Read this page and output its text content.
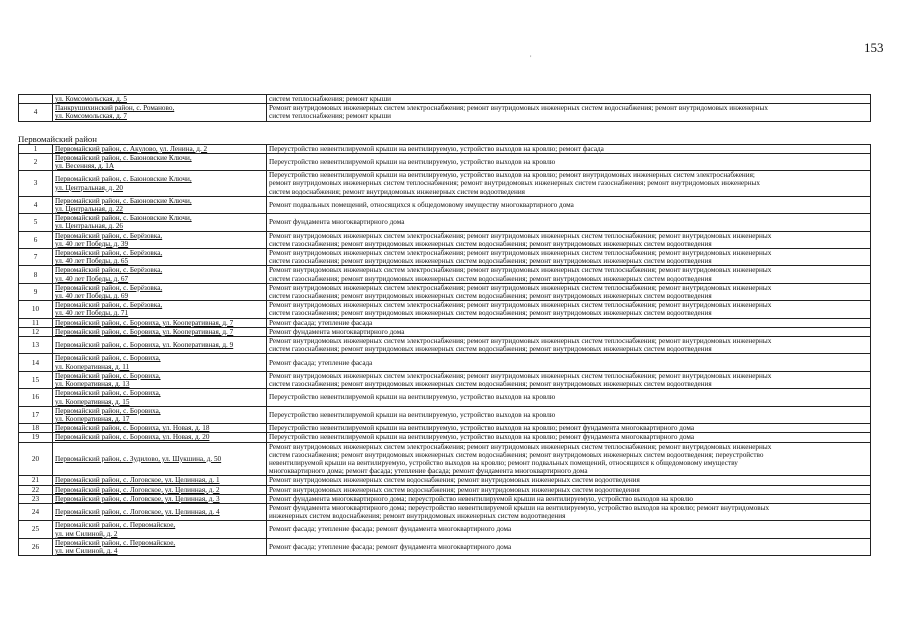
153
,
	ул. Комсомольская, д. 5	систем теплоснабжения; ремонт крыши
4	Панкрушихинский район, с. Романово,
ул. Комсомольская, д. 7	Ремонт внутридомовых инженерных систем электроснабжения; ремонт внутридомовых инженерных систем водоснабжения; ремонт внутридомовых инженерных
систем теплоснабжения; ремонт крыши
Первомайский район
1	Первомайский район, с. Акулово, ул. Ленина, д. 2	Переустройство невентилируемой крыши на вентилируемую, устройство выходов на кровлю; ремонт фасада
2	Первомайский район, с. Баюновские Ключи,
ул. Весенняя, д. 1А	Переустройство невентилируемой крыши на вентилируемую, устройство выходов на кровлю
3	Первомайский район, с. Баюновские Ключи,
ул. Центральная, д. 20	Переустройство невентилируемой крыши на вентилируемую, устройство выходов на кровлю; ремонт внутридомовых инженерных систем электроснабжения;
ремонт внутридомовых инженерных систем теплоснабжения; ремонт внутридомовых инженерных систем газоснабжения; ремонт внутридомовых инженерных
систем водоснабжения; ремонт внутридомовых инженерных систем водоотведения
4	Первомайский район, с. Баюновские Ключи,
ул. Центральная, д. 22	Ремонт подвальных помещений, относящихся к общедомовому имуществу многоквартирного дома
5	Первомайский район, с. Баюновские Ключи,
ул. Центральная, д. 26	Ремонт фундамента многоквартирного дома
6	Первомайский район, с. Берёзовка,
ул. 40 лет Победы, д. 39	Ремонт внутридомовых инженерных систем электроснабжения; ремонт внутридомовых инженерных систем теплоснабжения; ремонт внутридомовых инженерных
систем газоснабжения; ремонт внутридомовых инженерных систем водоснабжения; ремонт внутридомовых инженерных систем водоотведения
7	Первомайский район, с. Берёзовка,
ул. 40 лет Победы, д. 65	Ремонт внутридомовых инженерных систем электроснабжения; ремонт внутридомовых инженерных систем теплоснабжения; ремонт внутридомовых инженерных
систем газоснабжения; ремонт внутридомовых инженерных систем водоснабжения; ремонт внутридомовых инженерных систем водоотведения
8	Первомайский район, с. Берёзовка,
ул. 40 лет Победы, д. 67	Ремонт внутридомовых инженерных систем электроснабжения; ремонт внутридомовых инженерных систем теплоснабжения; ремонт внутридомовых инженерных
систем газоснабжения; ремонт внутридомовых инженерных систем водоснабжения; ремонт внутридомовых инженерных систем водоотведения
9	Первомайский район, с. Берёзовка,
ул. 40 лет Победы, д. 69	Ремонт внутридомовых инженерных систем электроснабжения; ремонт внутридомовых инженерных систем теплоснабжения; ремонт внутридомовых инженерных
систем газоснабжения; ремонт внутридомовых инженерных систем водоснабжения; ремонт внутридомовых инженерных систем водоотведения
10	Первомайский район, с. Берёзовка,
ул. 40 лет Победы, д. 71	Ремонт внутридомовых инженерных систем электроснабжения; ремонт внутридомовых инженерных систем теплоснабжения; ремонт внутридомовых инженерных
систем газоснабжения; ремонт внутридомовых инженерных систем водоснабжения; ремонт внутридомовых инженерных систем водоотведения
11	Первомайский район, с. Боровиха, ул. Кооперативная, д. 7	Ремонт фасада; утепление фасада
12	Первомайский район, с. Боровиха, ул. Кооперативная, д. 7	Ремонт фундамента многоквартирного дома
13	Первомайский район, с. Боровиха, ул. Кооперативная, д. 9	Ремонт внутридомовых инженерных систем электроснабжения; ремонт внутридомовых инженерных систем теплоснабжения; ремонт внутридомовых инженерных
систем газоснабжения; ремонт внутридомовых инженерных систем водоснабжения; ремонт внутридомовых инженерных систем водоотведения
14	Первомайский район, с. Боровиха,
ул. Кооперативная, д. 11	Ремонт фасада; утепление фасада
15	Первомайский район, с. Боровиха,
ул. Кооперативная, д. 13	Ремонт внутридомовых инженерных систем электроснабжения; ремонт внутридомовых инженерных систем теплоснабжения; ремонт внутридомовых инженерных
систем газоснабжения; ремонт внутридомовых инженерных систем водоснабжения; ремонт внутридомовых инженерных систем водоотведения
16	Первомайский район, с. Боровиха,
ул. Кооперативная, д. 15	Переустройство невентилируемой крыши на вентилируемую, устройство выходов на кровлю
17	Первомайский район, с. Боровиха,
ул. Кооперативная, д. 17	Переустройство невентилируемой крыши на вентилируемую, устройство выходов на кровлю
18	Первомайский район, с. Боровиха, ул. Новая, д. 18	Переустройство невентилируемой крыши на вентилируемую, устройство выходов на кровлю; ремонт фундамента многоквартирного дома
19	Первомайский район, с. Боровиха, ул. Новая, д. 20	Переустройство невентилируемой крыши на вентилируемую, устройство выходов на кровлю; ремонт фундамента многоквартирного дома
20	Первомайский район, с. Зудилово, ул. Шукшина, д. 50	Ремонт внутридомовых инженерных систем электроснабжения; ремонт внутридомовых инженерных систем теплоснабжения; ремонт внутридомовых инженерных
систем газоснабжения; ремонт внутридомовых инженерных систем водоснабжения; ремонт внутридомовых инженерных систем водоотведения; переустройство
невентилируемой крыши на вентилируемую, устройство выходов на кровлю; ремонт подвальных помещений, относящихся к общедомовому имуществу
многоквартирного дома; ремонт фасада; утепление фасада; ремонт фундамента многоквартирного дома
21	Первомайский район, с. Логовское, ул. Целинная, д. 1	Ремонт внутридомовых инженерных систем водоснабжения; ремонт внутридомовых инженерных систем водоотведения
22	Первомайский район, с. Логовское, ул. Целинная, д. 2	Ремонт внутридомовых инженерных систем водоснабжения; ремонт внутридомовых инженерных систем водоотведения
23	Первомайский район, с. Логовское, ул. Целинная, д. 3	Ремонт фундамента многоквартирного дома; переустройство невентилируемой крыши на вентилируемую, устройство выходов на кровлю
24	Первомайский район, с. Логовское, ул. Целинная, д. 4	Ремонт фундамента многоквартирного дома; переустройство невентилируемой крыши на вентилируемую, устройство выходов на кровлю; ремонт внутридомовых
инженерных систем водоснабжения; ремонт внутридомовых инженерных систем водоотведения
25	Первомайский район, с. Первомайское,
ул. им Силиной, д. 2	Ремонт фасада; утепление фасада; ремонт фундамента многоквартирного дома
26	Первомайский район, с. Первомайское,
ул. им Силиной, д. 4	Ремонт фасада; утепление фасада; ремонт фундамента многоквартирного дома
